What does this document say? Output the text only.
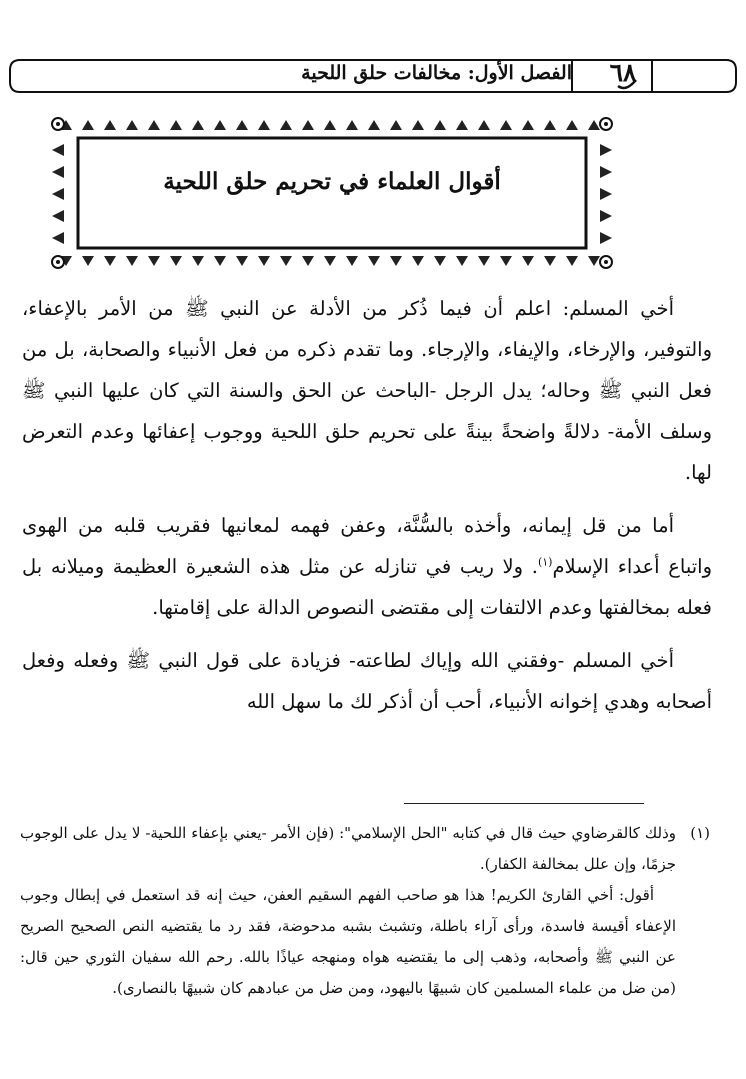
الفصل الأول: مخالفات حلق اللحية	٦٨
أقوال العلماء في تحريم حلق اللحية

أخي المسلم: اعلم أن فيما ذُكر من الأدلة عن النبي ﷺ من الأمر بالإعفاء، والتوفير، والإرخاء، والإيفاء، والإرجاء. وما تقدم ذكره من فعل الأنبياء والصحابة، بل من فعل النبي ﷺ وحاله؛ يدل الرجل -الباحث عن الحق والسنة التي كان عليها النبي ﷺ وسلف الأمة- دلالةً واضحةً بينةً على تحريم حلق اللحية ووجوب إعفائها وعدم التعرض لها.

أما من قل إيمانه، وأخذه بالسُّنَّة، وعفن فهمه لمعانيها فقريب قلبه من الهوى واتباع أعداء الإسلام$^{(١)}$. ولا ريب في تنازله عن مثل هذه الشعيرة العظيمة وميلانه بل فعله بمخالفتها وعدم الالتفات إلى مقتضى النصوص الدالة على إقامتها.

أخي المسلم -وفقني الله وإياك لطاعته- فزيادة على قول النبي ﷺ وفعله وفعل أصحابه وهدي إخوانه الأنبياء، أحب أن أذكر لك ما سهل الله

(١)

وذلك كالقرضاوي حيث قال في كتابه "الحل الإسلامي": (فإن الأمر -يعني بإعفاء اللحية- لا يدل على الوجوب جزمًا، وإن علل بمخالفة الكفار).

أقول: أخي القارئ الكريم! هذا هو صاحب الفهم السقيم العفن، حيث إنه قد استعمل في إبطال وجوب الإعفاء أقيسة فاسدة، ورأى آراء باطلة، وتشبث بشبه مدحوضة، فقد رد ما يقتضيه النص الصحيح الصريح عن النبي ﷺ وأصحابه، وذهب إلى ما يقتضيه هواه ومنهجه عياذًا بالله. رحم الله سفيان الثوري حين قال: (من ضل من علماء المسلمين كان شبيهًا باليهود، ومن ضل من عبادهم كان شبيهًا بالنصارى).
